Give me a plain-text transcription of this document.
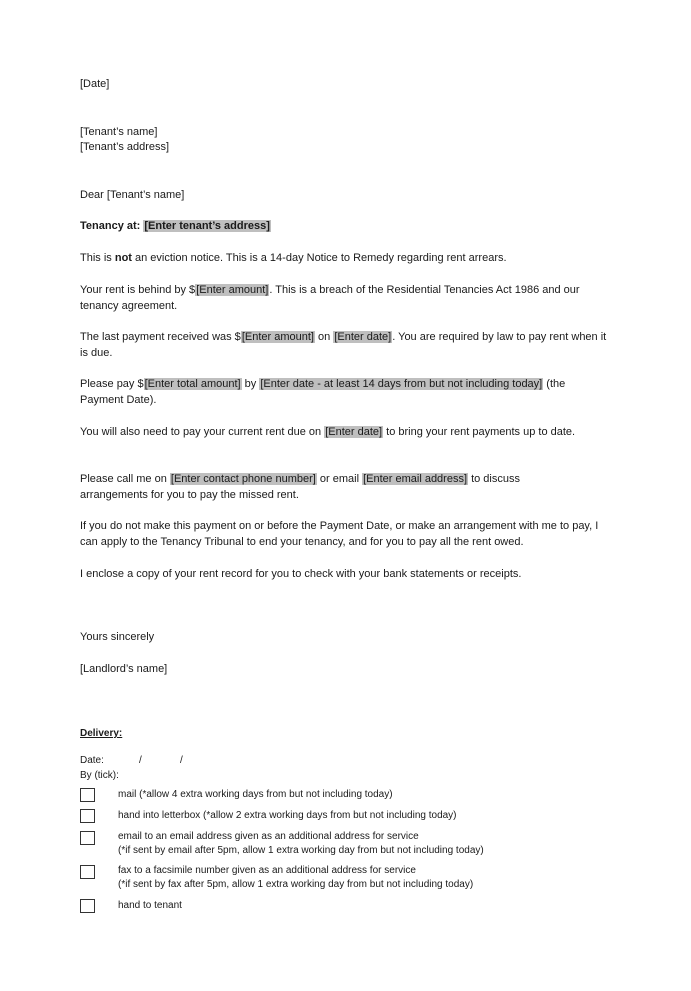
[Date]
[Tenant’s name]
[Tenant’s address]
Dear [Tenant’s name]
Tenancy at: [Enter tenant’s address]
This is not an eviction notice. This is a 14-day Notice to Remedy regarding rent arrears.
Your rent is behind by $[Enter amount]. This is a breach of the Residential Tenancies Act 1986 and our tenancy agreement.
The last payment received was $[Enter amount] on [Enter date]. You are required by law to pay rent when it is due.
Please pay $[Enter total amount] by [Enter date - at least 14 days from but not including today] (the Payment Date).
You will also need to pay your current rent due on [Enter date] to bring your rent payments up to date.
Please call me on [Enter contact phone number] or email [Enter email address] to discuss arrangements for you to pay the missed rent.
If you do not make this payment on or before the Payment Date, or make an arrangement with me to pay, I can apply to the Tenancy Tribunal to end your tenancy, and for you to pay all the rent owed.
I enclose a copy of your rent record for you to check with your bank statements or receipts.
Yours sincerely
[Landlord’s name]
Delivery:
Date:	/	/
By (tick):
mail (*allow 4 extra working days from but not including today)
hand into letterbox (*allow 2 extra working days from but not including today)
email to an email address given as an additional address for service
(*if sent by email after 5pm, allow 1 extra working day from but not including today)
fax to a facsimile number given as an additional address for service
(*if sent by fax after 5pm, allow 1 extra working day from but not including today)
hand to tenant
